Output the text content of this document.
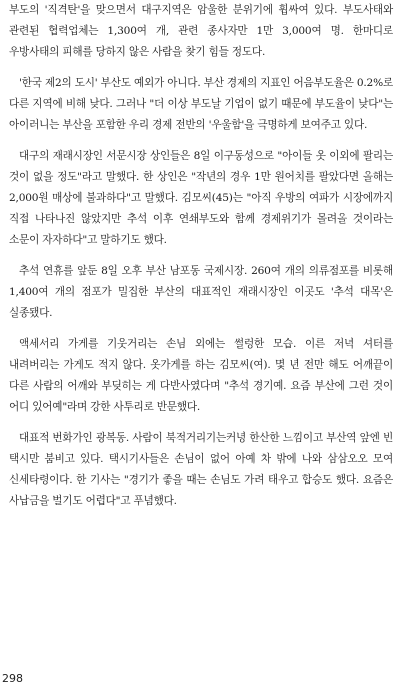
부도의 '직격탄'을 맞으면서 대구지역은 암울한 분위기에 휩싸여 있다. 부도사태와 관련된 협력업체는 1,300여 개, 관련 종사자만 1만 3,000여 명. 한마디로 우방사태의 피해를 당하지 않은 사람을 찾기 힘들 정도다.

'한국 제2의 도시' 부산도 예외가 아니다. 부산 경제의 지표인 어음부도율은 0.2%로 다른 지역에 비해 낮다. 그러나 "더 이상 부도날 기업이 없기 때문에 부도율이 낮다"는 아이러니는 부산을 포함한 우리 경제 전반의 '우울함'을 극명하게 보여주고 있다.

대구의 재래시장인 서문시장 상인들은 8일 이구동성으로 "아이들 옷 이외에 팔리는 것이 없을 정도"라고 말했다. 한 상인은 "작년의 경우 1만 원어치를 팔았다면 올해는 2,000원 매상에 불과하다"고 말했다. 김모씨(45)는 "아직 우방의 여파가 시장에까지 직접 나타나진 않았지만 추석 이후 연쇄부도와 함께 경제위기가 몰려올 것이라는 소문이 자자하다"고 말하기도 했다.

추석 연휴를 앞둔 8일 오후 부산 남포동 국제시장. 260여 개의 의류점포를 비롯해 1,400여 개의 점포가 밀집한 부산의 대표적인 재래시장인 이곳도 '추석 대목'은 실종됐다.

액세서리 가게를 기웃거리는 손님 외에는 썰렁한 모습. 이른 저녁 셔터를 내려버리는 가게도 적지 않다. 옷가게를 하는 김모씨(여). 몇 년 전만 해도 어깨끝이 다른 사람의 어깨와 부딪히는 게 다반사였다며 "추석 경기예. 요즘 부산에 그런 것이 어디 있어예"라며 강한 사투리로 반문했다.

대표적 번화가인 광복동. 사람이 북적거리기는커녕 한산한 느낌이고 부산역 앞엔 빈 택시만 붐비고 있다. 택시기사들은 손님이 없어 아예 차 밖에 나와 삼삼오오 모여 신세타령이다. 한 기사는 "경기가 좋을 때는 손님도 가려 태우고 합승도 했다. 요즘은 사납금을 벌기도 어렵다"고 푸념했다.

298
